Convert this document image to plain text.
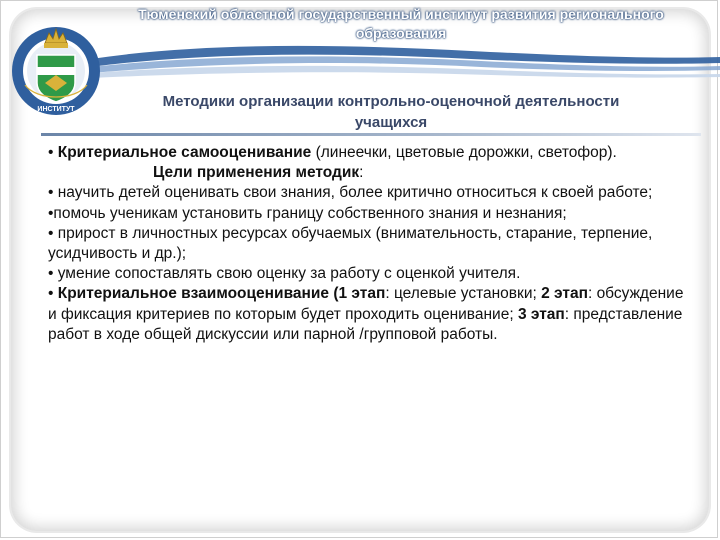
ИНСТИТУТ
Тюменский областной государственный институт развития регионального образования
Методики организации контрольно-оценочной деятельности учащихся

• Критериальное самооценивание (линеечки, цветовые дорожки, светофор).

Цели применения методик:

• научить детей оценивать свои знания, более критично относиться к своей работе;

•помочь ученикам установить границу собственного знания и незнания;

• прирост в личностных ресурсах обучаемых (внимательность, старание, терпение, усидчивость и др.);

• умение сопоставлять свою оценку за работу с оценкой учителя.

• Критериальное взаимооценивание (1 этап: целевые установки; 2 этап: обсуждение и фиксация критериев по которым будет проходить оценивание; 3 этап: представление работ в ходе общей дискуссии или парной /групповой работы.
